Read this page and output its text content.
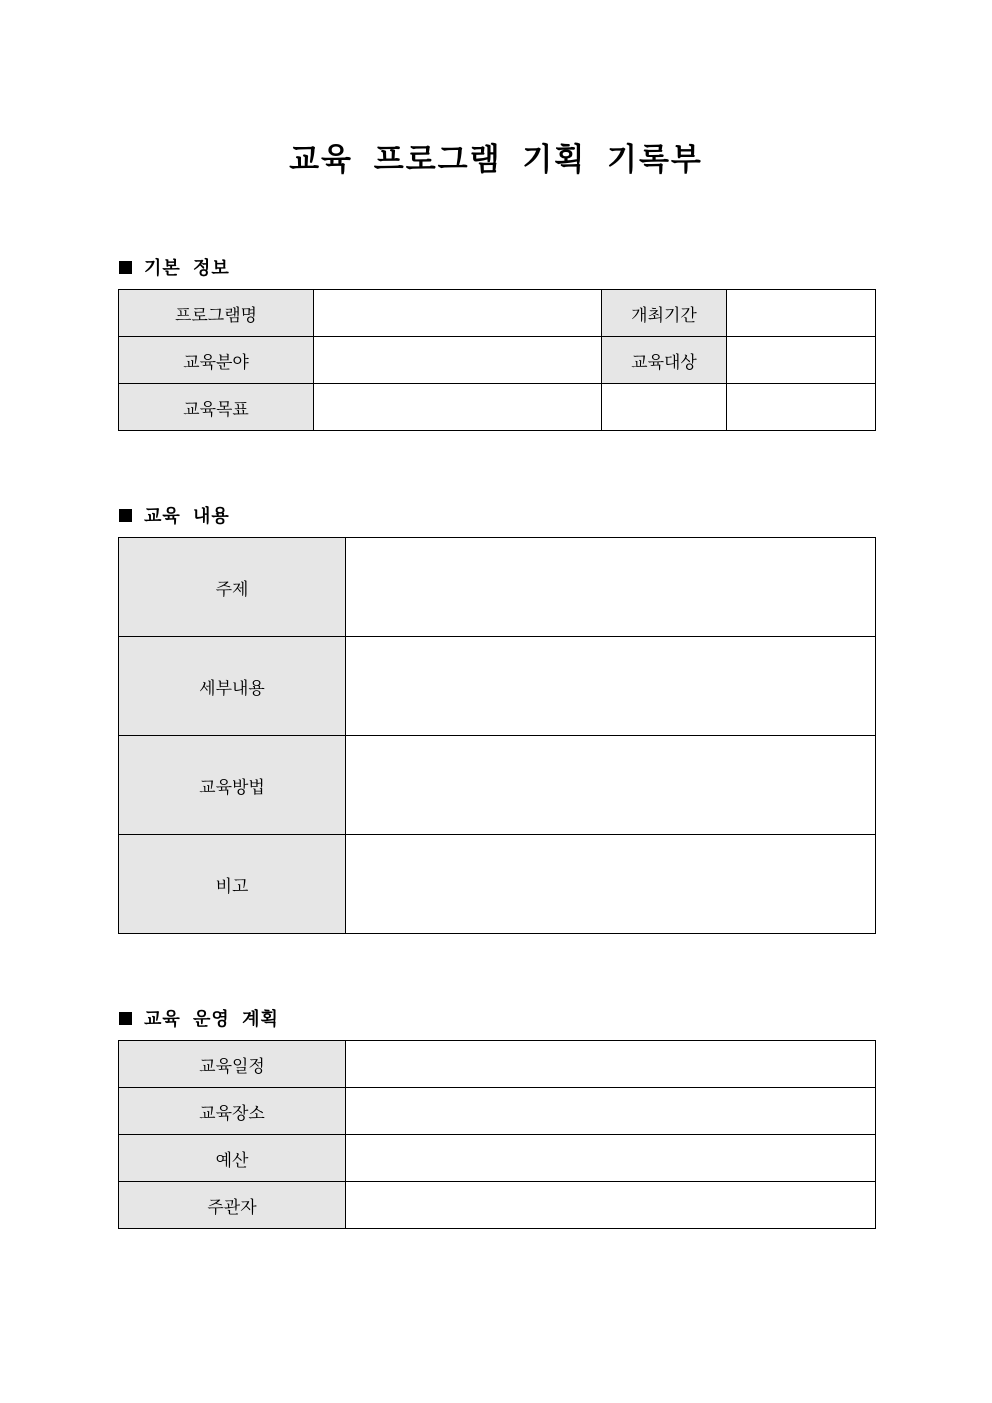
교육 프로그램 기획 기록부
기본 정보
프로그램명		개최기간	
교육분야		교육대상	
교육목표			
교육 내용
주제	
세부내용	
교육방법	
비고	
교육 운영 계획
교육일정	
교육장소	
예산	
주관자	
